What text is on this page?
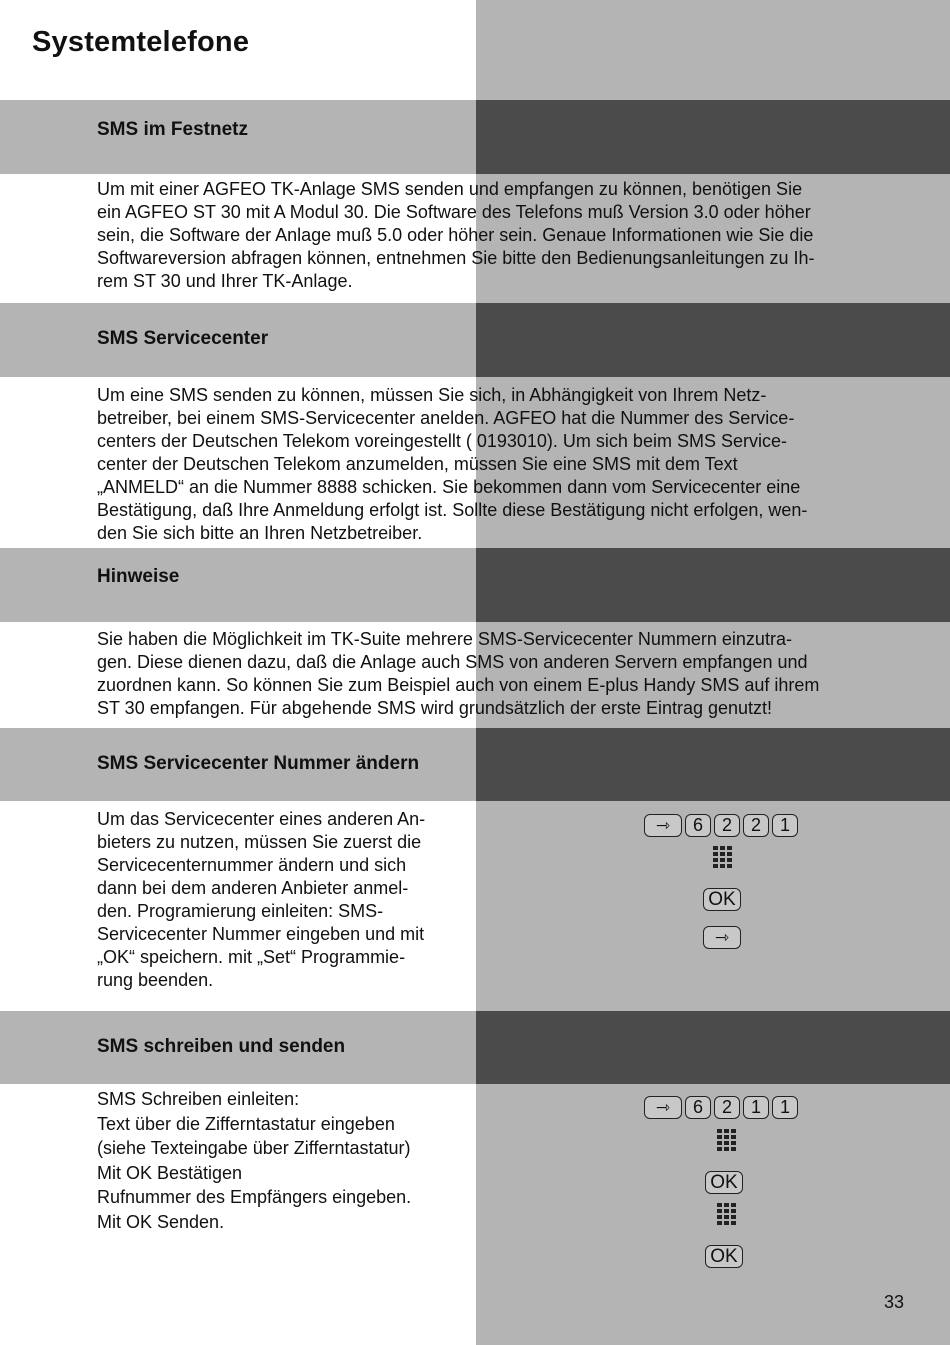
Systemtelefone
SMS im Festnetz

Um mit einer AGFEO TK-Anlage SMS senden und empfangen zu können, benötigen Sie
ein AGFEO ST 30 mit A Modul 30. Die Software des Telefons muß Version 3.0 oder höher
sein, die Software der Anlage muß 5.0 oder höher sein. Genaue Informationen wie Sie die
Softwareversion abfragen können, entnehmen Sie bitte den Bedienungsanleitungen zu Ih-
rem ST 30 und Ihrer TK-Anlage.

SMS Servicecenter

Um eine SMS senden zu können, müssen Sie sich, in Abhängigkeit von Ihrem Netz-
betreiber, bei einem SMS-Servicecenter anelden. AGFEO hat die Nummer des Service-
centers der Deutschen Telekom voreingestellt ( 0193010). Um sich beim SMS Service-
center der Deutschen Telekom anzumelden, müssen Sie eine SMS mit dem Text
„ANMELD“ an die Nummer 8888 schicken. Sie bekommen dann vom Servicecenter eine
Bestätigung, daß Ihre Anmeldung erfolgt ist. Sollte diese Bestätigung nicht erfolgen, wen-
den Sie sich bitte an Ihren Netzbetreiber.

Hinweise

Sie haben die Möglichkeit im TK-Suite mehrere SMS-Servicecenter Nummern einzutra-
gen. Diese dienen dazu, daß die Anlage auch SMS von anderen Servern empfangen und
zuordnen kann. So können Sie zum Beispiel auch von einem E-plus Handy SMS auf ihrem
ST 30 empfangen. Für abgehende SMS wird grundsätzlich der erste Eintrag genutzt!

SMS Servicecenter Nummer ändern

Um das Servicecenter eines anderen An-
bieters zu nutzen, müssen Sie zuerst die
Servicecenternummer ändern und sich
dann bei dem anderen Anbieter anmel-
den. Programierung einleiten: SMS-
Servicecenter Nummer eingeben und mit
„OK“ speichern. mit „Set“ Programmie-
rung beenden.

⇾	6	2	2	1
OK
⇾
SMS schreiben und senden

SMS Schreiben einleiten:
Text über die Zifferntastatur eingeben
(siehe Texteingabe über Zifferntastatur)
Mit OK Bestätigen
Rufnummer des Empfängers eingeben.
Mit OK Senden.

⇾	6	2	1	1
OK
OK

33
